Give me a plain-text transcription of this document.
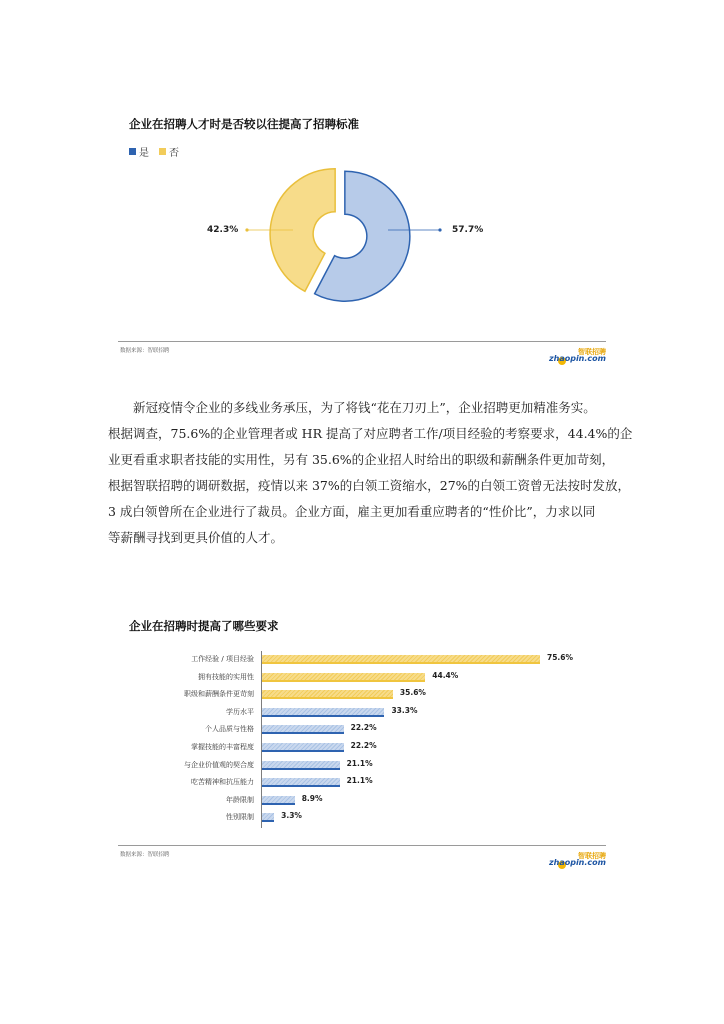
企业在招聘人才时是否较以往提高了招聘标准
是 否
57.7%
42.3%
数据来源：智联招聘	智联招聘
zhaopin.com
新冠疫情令企业的多线业务承压，为了将钱“花在刀刃上”，企业招聘更加精准务实。
根据调查，75.6%的企业管理者或 HR 提高了对应聘者工作/项目经验的考察要求，44.4%的企
业更看重求职者技能的实用性，另有 35.6%的企业招人时给出的职级和薪酬条件更加苛刻，
根据智联招聘的调研数据，疫情以来 37%的白领工资缩水，27%的白领工资曾无法按时发放，
3 成白领曾所在企业进行了裁员。企业方面，雇主更加看重应聘者的“性价比”，力求以同
等薪酬寻找到更具价值的人才。
企业在招聘时提高了哪些要求
工作经验 / 项目经验	75.6%
拥有技能的实用性	44.4%
职级和薪酬条件更苛刻	35.6%
学历水平	33.3%
个人品质与性格	22.2%
掌握技能的丰富程度	22.2%
与企业价值观的契合度	21.1%
吃苦精神和抗压能力	21.1%
年龄限制	8.9%
性别限制	3.3%
数据来源：智联招聘	智联招聘
zhaopin.com
